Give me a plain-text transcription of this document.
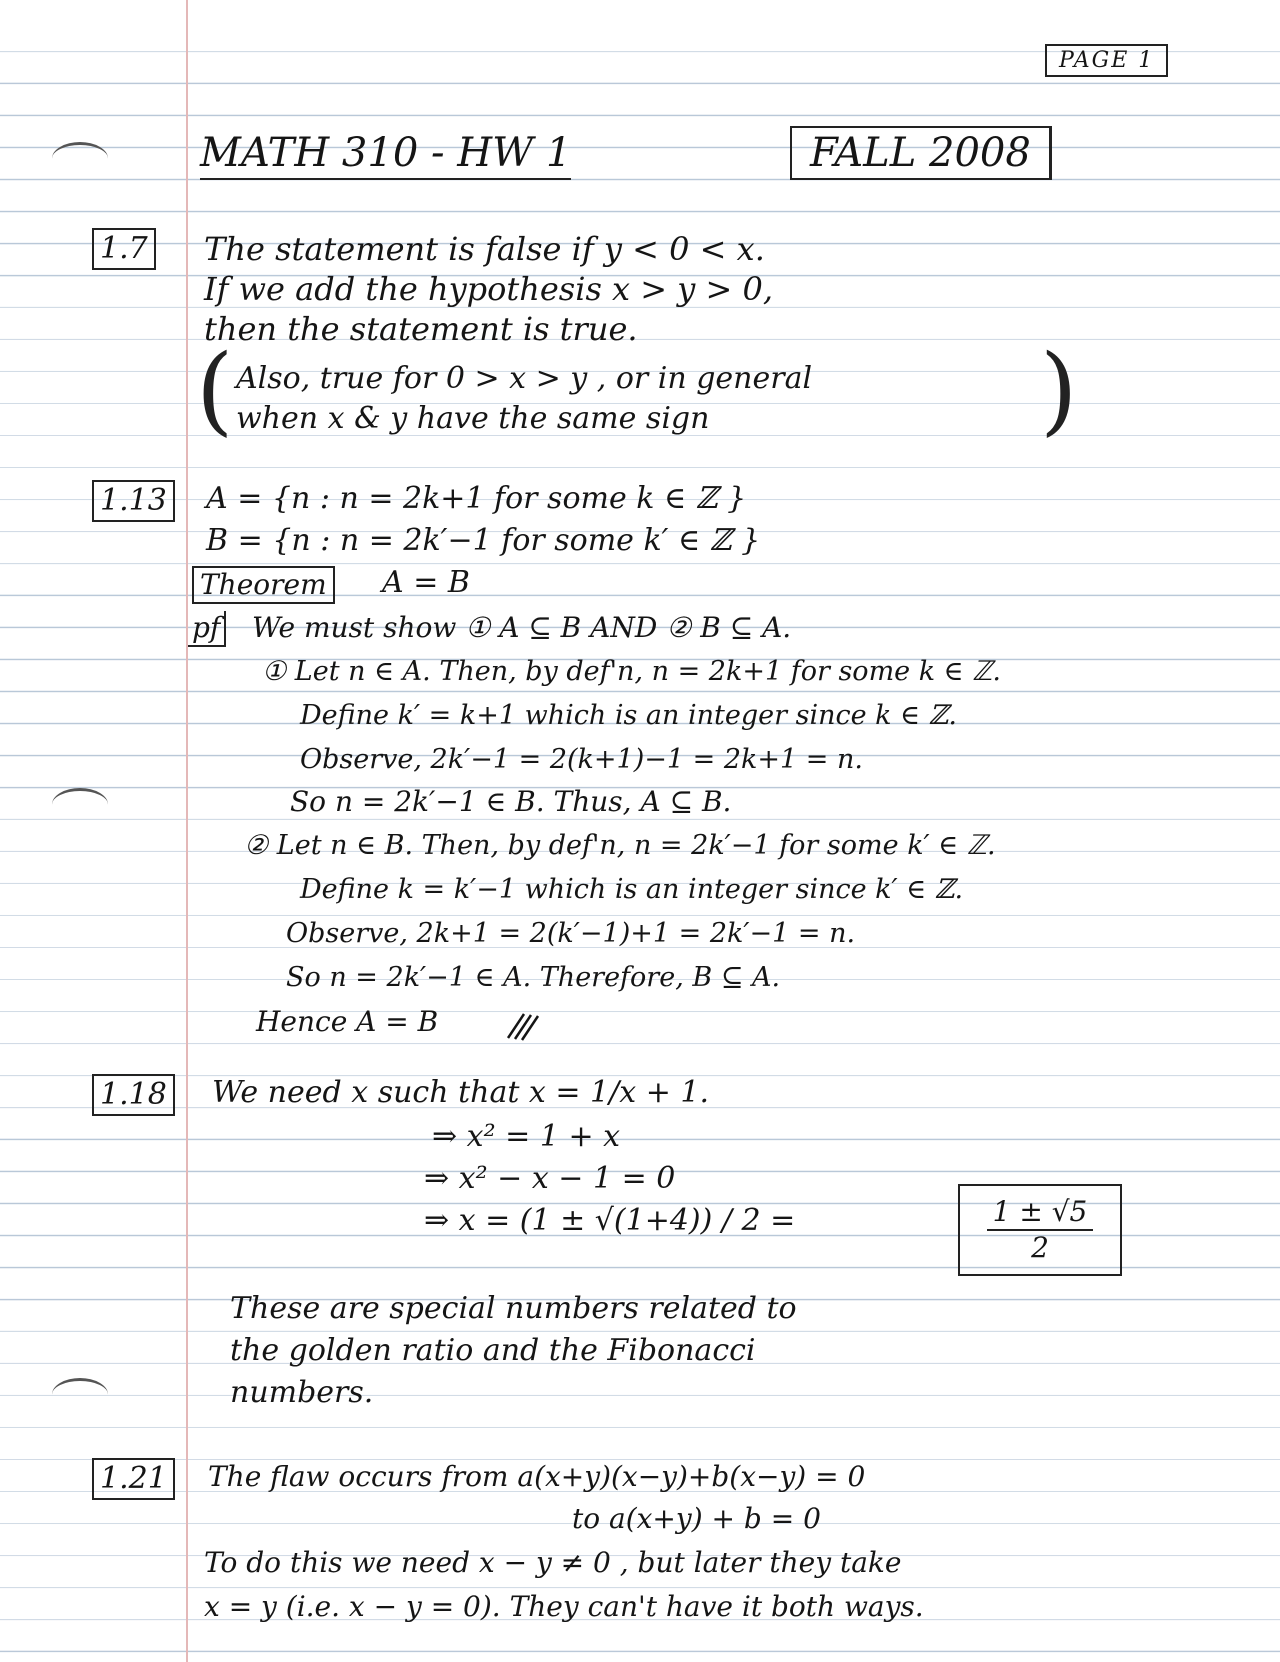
PAGE 1
MATH 310 - HW 1	FALL 2008
1.7 The statement is false if y < 0 < x.
If we add the hypothesis x > y > 0,
then the statement is true.
( Also, true for 0 > x > y , or in general
when x & y have the same sign	)
1.13 A = {n : n = 2k+1 for some k ∈ ℤ }
B = {n : n = 2k′−1 for some k′ ∈ ℤ }
Theorem A = B
pf We must show ① A ⊆ B AND ② B ⊆ A.
① Let n ∈ A. Then, by def'n, n = 2k+1 for some k ∈ ℤ.
Define k′ = k+1 which is an integer since k ∈ ℤ.
Observe, 2k′−1 = 2(k+1)−1 = 2k+1 = n.
So n = 2k′−1 ∈ B. Thus, A ⊆ B.
② Let n ∈ B. Then, by def'n, n = 2k′−1 for some k′ ∈ ℤ.
Define k = k′−1 which is an integer since k′ ∈ ℤ.
Observe, 2k+1 = 2(k′−1)+1 = 2k′−1 = n.
So n = 2k′−1 ∈ A. Therefore, B ⊆ A.
Hence A = B
1.18 We need x such that x = 1/x + 1.
⇒ x² = 1 + x
⇒ x² − x − 1 = 0
⇒ x = (1 ± √(1+4)) / 2 =	$\frac{1 \pm √5}{2}$
These are special numbers related to
the golden ratio and the Fibonacci
numbers.
1.21 The flaw occurs from a(x+y)(x−y)+b(x−y) = 0
to a(x+y) + b = 0
To do this we need x − y ≠ 0 , but later they take
x = y (i.e. x − y = 0). They can't have it both ways.
